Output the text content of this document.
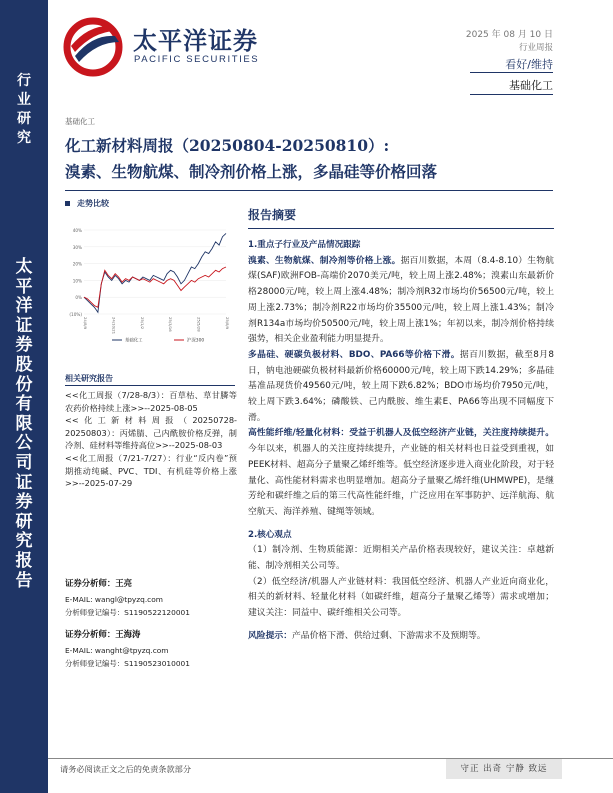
行
业
研
究
太
平
洋
证
券
股
份
有
限
公
司
证
券
研
究
报
告
太平洋证券
PACIFIC SECURITIES
2025 年 08 月 10 日
行业周报
看好/维持
基础化工
基础化工
化工新材料周报（20250804-20250810）:
溴素、生物航煤、制冷剂价格上涨，多晶硅等价格回落
走势比较
40%
30%
20%
10%
0%
(10%)
24/8/9	24/10/21	25/1/2	25/3/16	25/5/28	25/8/9
基础化工	沪深300
相关研究报告
<<化工周报（7/28-8/3）：百草枯、草甘膦等农药价格持续上涨>>--2025-08-05
<<化工新材料周报（20250728-20250803）：丙烯腈、己内酰胺价格反弹，制冷剂、硅材料等维持高位>>--2025-08-03
<<化工周报（7/21-7/27）：行业“反内卷”预期推动纯碱、PVC、TDI、有机硅等价格上涨>>--2025-07-29
证券分析师：王亮
E-MAIL: wangl@tpyzq.com
分析师登记编号：S1190522120001
证券分析师：王海涛
E-MAIL: wanght@tpyzq.com
分析师登记编号：S1190523010001
报告摘要
1.重点子行业及产品情况跟踪

溴素、生物航煤、制冷剂等价格上涨。据百川数据，本周（8.4-8.10）生物航煤(SAF)欧洲FOB-高端价2070美元/吨，较上周上涨2.48%；溴素山东最新价格28000元/吨，较上周上涨4.48%；制冷剂R32市场均价56500元/吨，较上周上涨2.73%；制冷剂R22市场均价35500元/吨，较上周上涨1.43%；制冷剂R134a市场均价50500元/吨，较上周上涨1%；年初以来，制冷剂价格持续强势，相关企业盈利能力明显提升。

多晶硅、硬碳负极材料、BDO、PA66等价格下滑。据百川数据，截至8月8日，钠电池硬碳负极材料最新价格60000元/吨，较上周下跌14.29%；多晶硅基准品现货价49560元/吨，较上周下跌6.82%；BDO市场均价7950元/吨，较上周下跌3.64%；磷酸铁、己内酰胺、维生素E、PA66等出现不同幅度下滑。

高性能纤维/轻量化材料：受益于机器人及低空经济产业链，关注度持续提升。今年以来，机器人的关注度持续提升，产业链的相关材料也日益受到重视，如PEEK材料、超高分子量聚乙烯纤维等。低空经济逐步进入商业化阶段，对于轻量化、高性能材料需求也明显增加。超高分子量聚乙烯纤维(UHMWPE)，是继芳纶和碳纤维之后的第三代高性能纤维，广泛应用在军事防护、远洋航海、航空航天、海洋养殖、键绳等领域。

2.核心观点

（1）制冷剂、生物质能源：近期相关产品价格表现较好，建议关注：卓越新能、制冷剂相关公司等。

（2）低空经济/机器人产业链材料：我国低空经济、机器人产业近向商业化，相关的新材料、轻量化材料（如碳纤维，超高分子量聚乙烯等）需求或增加；建议关注：同益中、碳纤维相关公司等。

风险提示：产品价格下滑、供给过剩、下游需求不及预期等。

请务必阅读正文之后的免责条款部分	守正 出奇 宁静 致远
